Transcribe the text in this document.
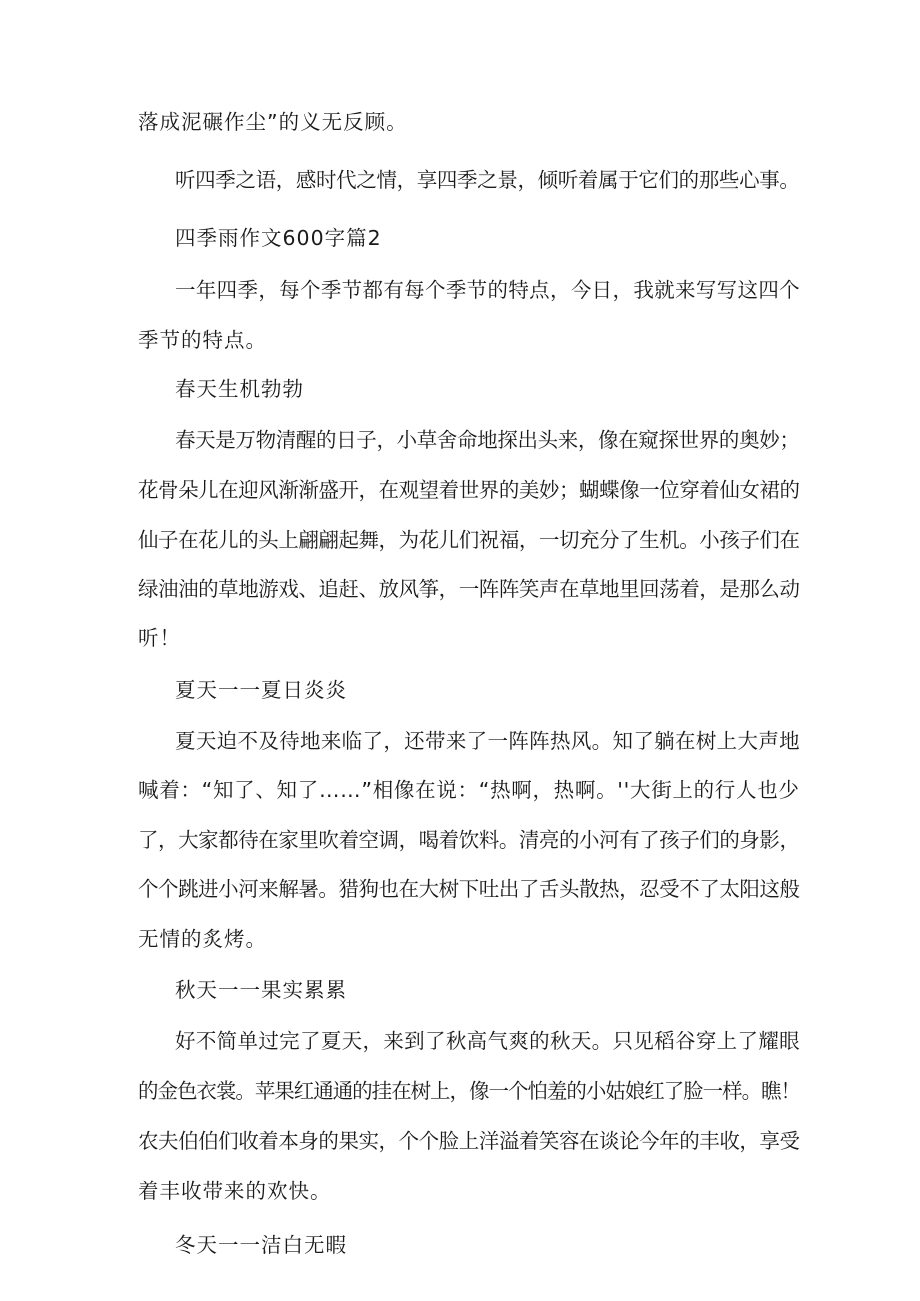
落成泥碾作尘”的义无反顾。
听四季之语，感时代之情，享四季之景，倾听着属于它们的那些心事。
四季雨作文600字篇2
一年四季，每个季节都有每个季节的特点，今日，我就来写写这四个
季节的特点。
春天生机勃勃
春天是万物清醒的日子，小草舍命地探出头来，像在窥探世界的奥妙；
花骨朵儿在迎风渐渐盛开，在观望着世界的美妙；蝴蝶像一位穿着仙女裙的
仙子在花儿的头上翩翩起舞，为花儿们祝福，一切充分了生机。小孩子们在
绿油油的草地游戏、追赶、放风筝，一阵阵笑声在草地里回荡着，是那么动
听！
夏天一一夏日炎炎
夏天迫不及待地来临了，还带来了一阵阵热风。知了躺在树上大声地
喊着：“知了、知了……”相像在说：“热啊，热啊。''大街上的行人也少
了，大家都待在家里吹着空调，喝着饮料。清亮的小河有了孩子们的身影，
个个跳进小河来解暑。猎狗也在大树下吐出了舌头散热，忍受不了太阳这般
无情的炙烤。
秋天一一果实累累
好不简单过完了夏天，来到了秋高气爽的秋天。只见稻谷穿上了耀眼
的金色衣裳。苹果红通通的挂在树上，像一个怕羞的小姑娘红了脸一样。瞧！
农夫伯伯们收着本身的果实，个个脸上洋溢着笑容在谈论今年的丰收，享受
着丰收带来的欢快。
冬天一一洁白无暇
